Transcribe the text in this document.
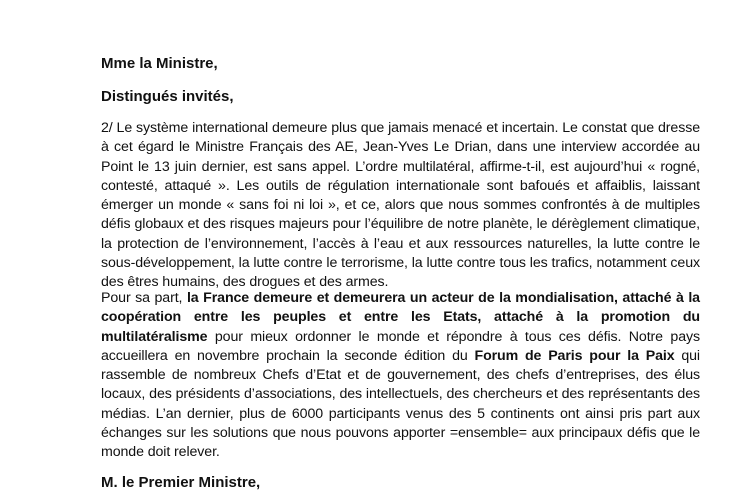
Mme la Ministre,

Distingués invités,

2/ Le système international demeure plus que jamais menacé et incertain. Le constat que dresse à cet égard le Ministre Français des AE, Jean-Yves Le Drian, dans une interview accordée au Point le 13 juin dernier, est sans appel. L’ordre multilatéral, affirme-t-il, est aujourd’hui « rogné, contesté, attaqué ». Les outils de régulation internationale sont bafoués et affaiblis, laissant émerger un monde « sans foi ni loi », et ce, alors que nous sommes confrontés à de multiples défis globaux et des risques majeurs pour l’équilibre de notre planète, le dérèglement climatique, la protection de l’environnement, l’accès à l’eau et aux ressources naturelles, la lutte contre le sous-développement, la lutte contre le terrorisme, la lutte contre tous les trafics, notamment ceux des êtres humains, des drogues et des armes.

Pour sa part, la France demeure et demeurera un acteur de la mondialisation, attaché à la coopération entre les peuples et entre les Etats, attaché à la promotion du multilatéralisme pour mieux ordonner le monde et répondre à tous ces défis. Notre pays accueillera en novembre prochain la seconde édition du Forum de Paris pour la Paix qui rassemble de nombreux Chefs d’Etat et de gouvernement, des chefs d’entreprises, des élus locaux, des présidents d’associations, des intellectuels, des chercheurs et des représentants des médias. L’an dernier, plus de 6000 participants venus des 5 continents ont ainsi pris part aux échanges sur les solutions que nous pouvons apporter =ensemble= aux principaux défis que le monde doit relever.

M. le Premier Ministre,
